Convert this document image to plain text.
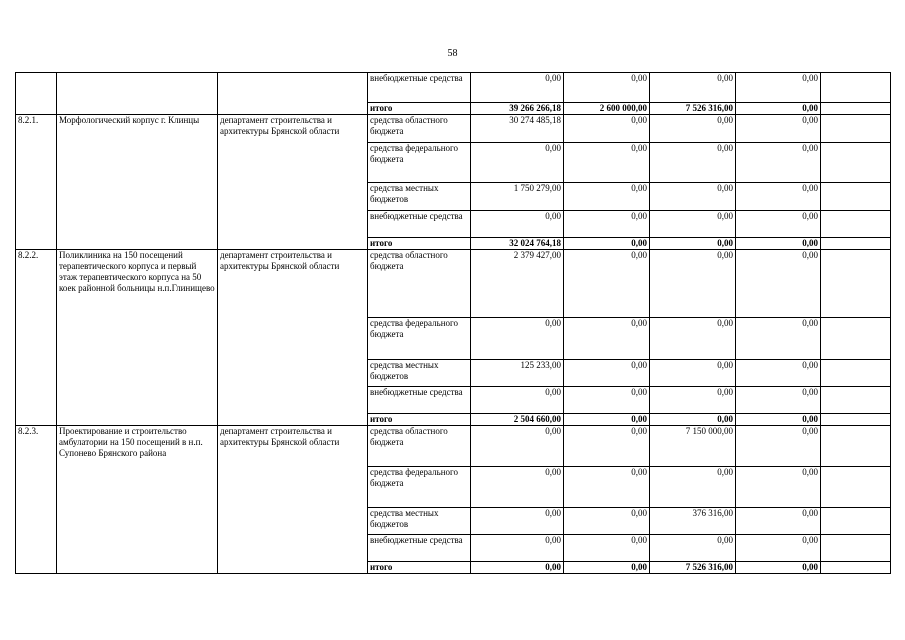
58
			внебюджетные средства	0,00	0,00	0,00	0,00	
			итого	39 266 266,18	2 600 000,00	7 526 316,00	0,00	
8.2.1.	Морфологический корпус г. Клинцы	департамент строительства и архитектуры Брянской области	средства областного бюджета	30 274 485,18	0,00	0,00	0,00	
			средства федерального бюджета	0,00	0,00	0,00	0,00	
			средства местных бюджетов	1 750 279,00	0,00	0,00	0,00	
			внебюджетные средства	0,00	0,00	0,00	0,00	
			итого	32 024 764,18	0,00	0,00	0,00	
8.2.2.	Поликлиника на 150 посещений терапевтического корпуса и первый этаж терапевтического корпуса на 50 коек районной больницы н.п.Глинищево	департамент строительства и архитектуры Брянской области	средства областного бюджета	2 379 427,00	0,00	0,00	0,00	
			средства федерального бюджета	0,00	0,00	0,00	0,00	
			средства местных бюджетов	125 233,00	0,00	0,00	0,00	
			внебюджетные средства	0,00	0,00	0,00	0,00	
			итого	2 504 660,00	0,00	0,00	0,00	
8.2.3.	Проектирование и строительство амбулатории на 150 посещений в н.п. Супонево Брянского района	департамент строительства и архитектуры Брянской области	средства областного бюджета	0,00	0,00	7 150 000,00	0,00	
			средства федерального бюджета	0,00	0,00	0,00	0,00	
			средства местных бюджетов	0,00	0,00	376 316,00	0,00	
			внебюджетные средства	0,00	0,00	0,00	0,00	
			итого	0,00	0,00	7 526 316,00	0,00	
